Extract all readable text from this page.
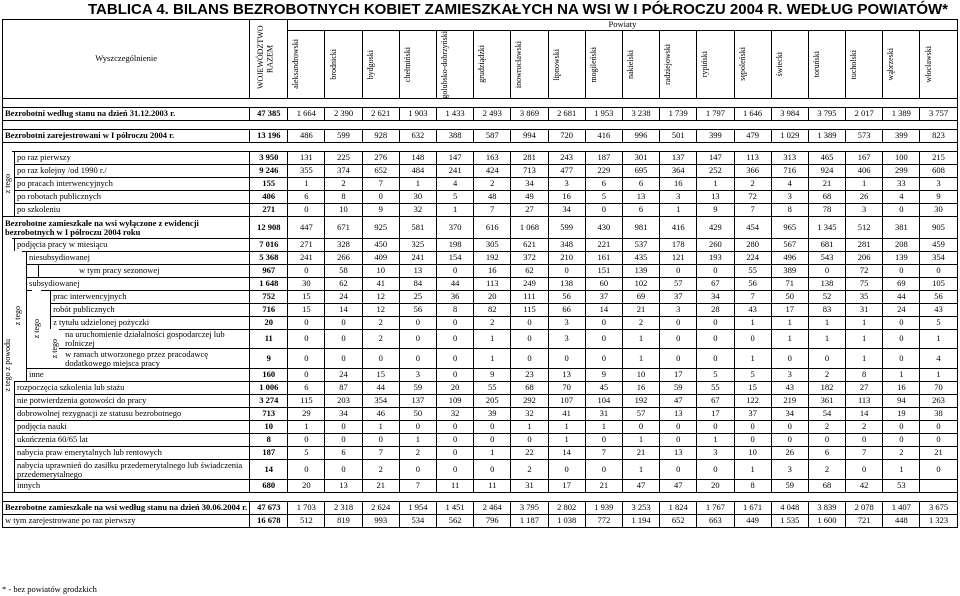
TABLICA 4. BILANS BEZROBOTNYCH KOBIET ZAMIESZKAŁYCH NA WSI W I PÓŁROCZU 2004 R. WEDŁUG POWIATÓW*
Wyszczególnienie					WOJEWÓDZTWO RAZEM	Powiaty																	

						aleksandrowski	brodnicki	bydgoski	chełmiński	golubsko-dobrzyński	grudziądzki	inowrocławski	lipnowski	mogileński	nakielski	radziejowski	rypiński	sępoleński	świecki	toruński	tucholski	wąbrzeski	włocławski

Bezrobotni według stanu na dzień 31.12.2003 r.					47 385	1 664	2 390	2 621	1 903	1 433	2 493	3 869	2 681	1 953	3 238	1 739	1 797	1 646	3 984	3 795	2 017	1 389	3 757

Bezrobotni zarejestrowani w I półroczu 2004 r.					13 196	486	599	928	632	388	587	994	720	416	996	501	399	479	1 029	1 389	573	399	823

	po raz pierwszy				3 950	131	225	276	148	147	163	281	243	187	301	137	147	113	313	465	167	100	215
	po raz kolejny /od 1990 r./				9 246	355	374	652	484	241	424	713	477	229	695	364	252	366	716	924	406	299	608
	po pracach interwencyjnych				155	1	2	7	1	4	2	34	3	6	6	16	1	2	4	21	1	33	3
	po robotach publicznych				406	6	8	0	30	5	48	49	16	5	13	3	13	72	3	68	26	4	9
	po szkoleniu				271	0	10	9	32	1	7	27	34	0	6	1	9	7	8	78	3	0	30
Bezrobotne zamieszkałe na wsi wyłączone z ewidencji bezrobotnych w I półroczu 2004 roku					12 908	447	671	925	581	370	616	1 068	599	430	981	416	429	454	965	1 345	512	381	905
	podjęcia pracy w miesiącu				7 016	271	328	450	325	198	305	621	348	221	537	178	260	280	567	681	281	208	459
		niesubsydiowanej			5 368	241	266	409	241	154	192	372	210	161	435	121	193	224	496	543	206	139	354
			w tym pracy sezonowej		967	0	58	10	13	0	16	62	0	151	139	0	0	55	389	0	72	0	0
		subsydiowanej			1 648	30	62	41	84	44	113	249	138	60	102	57	67	56	71	138	75	69	105
				prac interwencyjnych	752	15	24	12	25	36	20	111	56	37	69	37	34	7	50	52	35	44	56
				robót publicznych	716	15	14	12	56	8	82	115	66	14	21	3	28	43	17	83	31	24	43
				z tytułu udzielonej pożyczki	20	0	0	2	0	0	2	0	3	0	2	0	0	1	1	1	1	0	5
				na uruchomienie działalności gospodarczej lub rolniczej	11	0	0	2	0	0	1	0	3	0	1	0	0	0	1	1	1	0	1
				w ramach utworzonego przez pracodawcę dodatkowego miejsca pracy	9	0	0	0	0	0	1	0	0	0	1	0	0	1	0	0	1	0	4
		inne			160	0	24	15	3	0	9	23	13	9	10	17	5	5	3	2	8	1	1
	rozpoczęcia szkolenia lub stażu				1 006	6	87	44	59	20	55	68	70	45	16	59	55	15	43	182	27	16	70
	nie potwierdzenia gotowości do pracy				3 274	115	203	354	137	109	205	292	107	104	192	47	67	122	219	361	113	94	263
	dobrowolnej rezygnacji ze statusu bezrobotnego				713	29	34	46	50	32	39	32	41	31	57	13	17	37	34	54	14	19	38
	podjęcia nauki				10	1	0	1	0	0	0	1	1	1	0	0	0	0	0	2	2	0	0
	ukończenia 60/65 lat				8	0	0	0	1	0	0	0	1	0	1	0	1	0	0	0	0	0	0
	nabycia praw emerytalnych lub rentowych				187	5	6	7	2	0	1	22	14	7	21	13	3	10	26	6	7	2	21
	nabycia uprawnień do zasiłku przedemerytalnego lub świadczenia przedemerytalnego				14	0	0	2	0	0	0	2	0	0	1	0	0	1	3	2	0	1	0
	innych				680	20	13	21	7	11	11	31	17	21	47	47	20	8	59	68	42	53	

Bezrobotne zamieszkałe na wsi według stanu na dzień 30.06.2004 r.					47 673	1 703	2 318	2 624	1 954	1 451	2 464	3 795	2 802	1 939	3 253	1 824	1 767	1 671	4 048	3 839	2 078	1 407	3 675
w tym zarejestrowane po raz pierwszy					16 678	512	819	993	534	562	796	1 187	1 038	772	1 194	652	663	449	1 535	1 600	721	448	1 323
* - bez powiatów grodzkich
z tego
z tego z powodu
z tego
z tego
z tego
